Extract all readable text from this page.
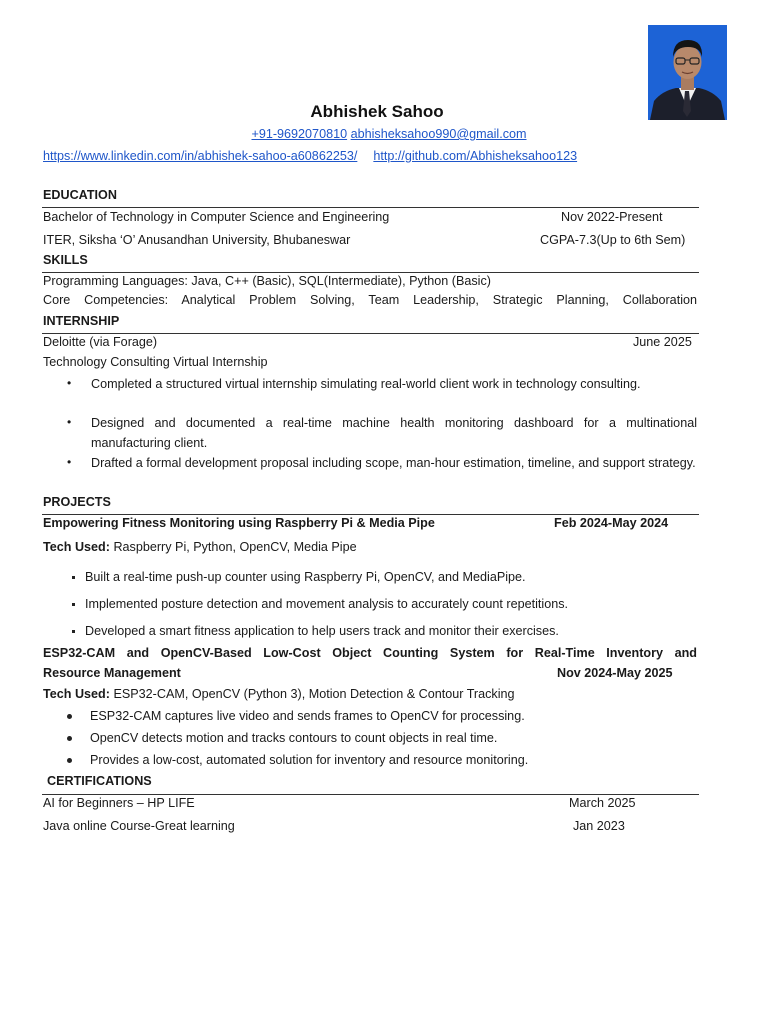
Abhishek Sahoo
+91-9692070810 abhisheksahoo990@gmail.com
https://www.linkedin.com/in/abhishek-sahoo-a60862253/ http://github.com/Abhisheksahoo123
EDUCATION
Bachelor of Technology in Computer Science and Engineering	Nov 2022-Present
ITER, Siksha ‘O’ Anusandhan University, Bhubaneswar	CGPA-7.3(Up to 6th Sem)
SKILLS
Programming Languages: Java, C++ (Basic), SQL(Intermediate), Python (Basic)
Core Competencies: Analytical Problem Solving, Team Leadership, Strategic Planning, Collaboration
INTERNSHIP
Deloitte (via Forage)	June 2025
Technology Consulting Virtual Internship
• Completed a structured virtual internship simulating real-world client work in technology consulting.
• Designed and documented a real-time machine health monitoring dashboard for a multinational manufacturing client.
• Drafted a formal development proposal including scope, man-hour estimation, timeline, and support strategy.
PROJECTS
Empowering Fitness Monitoring using Raspberry Pi & Media Pipe	Feb 2024-May 2024
Tech Used: Raspberry Pi, Python, OpenCV, Media Pipe
Built a real-time push-up counter using Raspberry Pi, OpenCV, and MediaPipe.
Implemented posture detection and movement analysis to accurately count repetitions.
Developed a smart fitness application to help users track and monitor their exercises.
ESP32-CAM and OpenCV-Based Low-Cost Object Counting System for Real-Time Inventory and
Resource Management	Nov 2024-May 2025
Tech Used: ESP32-CAM, OpenCV (Python 3), Motion Detection & Contour Tracking
ESP32-CAM captures live video and sends frames to OpenCV for processing.
OpenCV detects motion and tracks contours to count objects in real time.
Provides a low-cost, automated solution for inventory and resource monitoring.
CERTIFICATIONS
AI for Beginners – HP LIFE	March 2025
Java online Course-Great learning	Jan 2023
